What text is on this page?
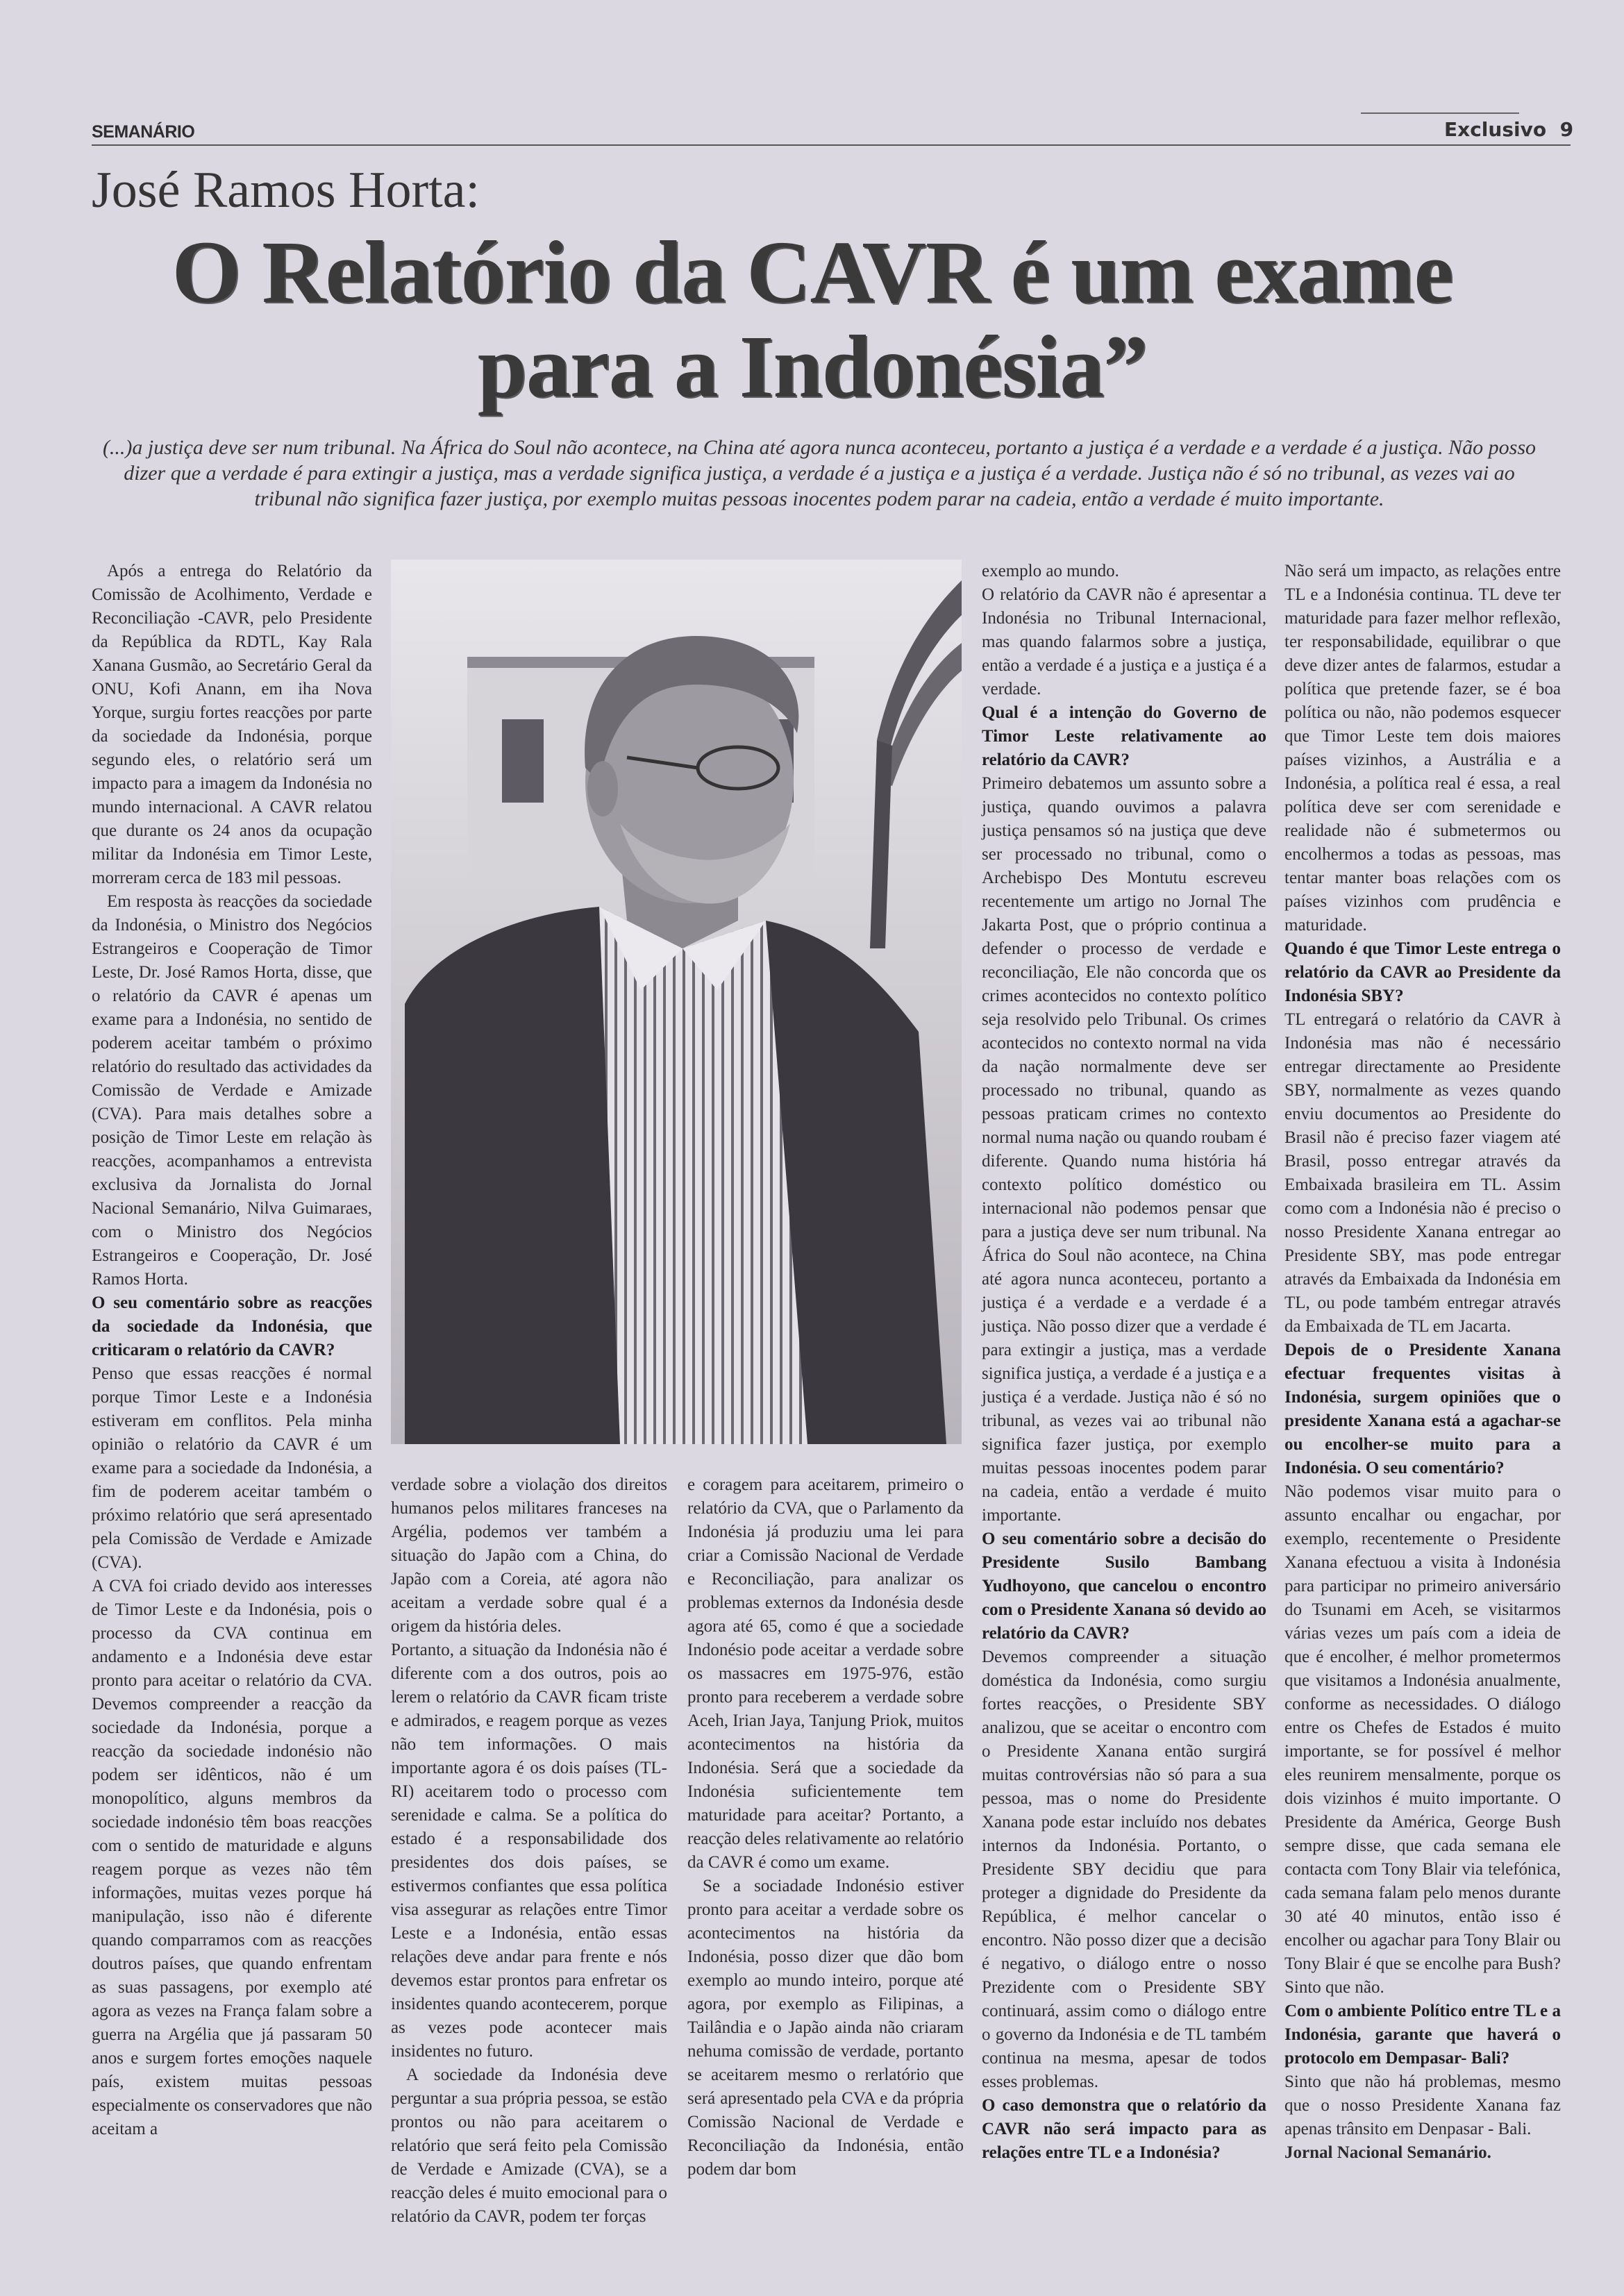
SEMANÁRIO	Exclusivo  9
José Ramos Horta:
O Relatório da CAVR é um exame
para a Indonésia”
(...)a justiça deve ser num tribunal. Na África do Soul não acontece, na China até agora nunca aconteceu, portanto a justiça é a verdade e a verdade é a justiça. Não posso dizer que a verdade é para extingir a justiça, mas a verdade significa justiça, a verdade é a justiça e a justiça é a verdade. Justiça não é só no tribunal, as vezes vai ao tribunal não significa fazer justiça, por exemplo muitas pessoas inocentes podem parar na cadeia, então a verdade é muito importante.

Após a entrega do Relatório da Comissão de Acolhimento, Verdade e Reconciliação -CAVR, pelo Presidente da República da RDTL, Kay Rala Xanana Gusmão, ao Secretário Geral da ONU, Kofi Anann, em iha Nova Yorque, surgiu fortes reacções por parte da sociedade da Indonésia, porque segundo eles, o relatório será um impacto para a imagem da Indonésia no mundo internacional. A CAVR relatou que durante os 24 anos da ocupação militar da Indonésia em Timor Leste, morreram cerca de 183 mil pessoas.

Em resposta às reacções da sociedade da Indonésia, o Ministro dos Negócios Estrangeiros e Cooperação de Timor Leste, Dr. José Ramos Horta, disse, que o relatório da CAVR é apenas um exame para a Indonésia, no sentido de poderem aceitar também o próximo relatório do resultado das actividades da Comissão de Verdade e Amizade (CVA). Para mais detalhes sobre a posição de Timor Leste em relação às reacções, acompanhamos a entrevista exclusiva da Jornalista do Jornal Nacional Semanário, Nilva Guimaraes, com o Ministro dos Negócios Estrangeiros e Cooperação, Dr. José Ramos Horta.

O seu comentário sobre as reacções da sociedade da Indonésia, que criticaram o relatório da CAVR?

Penso que essas reacções é normal porque Timor Leste e a Indonésia estiveram em conflitos. Pela minha opinião o relatório da CAVR é um exame para a sociedade da Indonésia, a fim de poderem aceitar também o próximo relatório que será apresentado pela Comissão de Verdade e Amizade (CVA).

A CVA foi criado devido aos interesses de Timor Leste e da Indonésia, pois o processo da CVA continua em andamento e a Indonésia deve estar pronto para aceitar o relatório da CVA. Devemos compreender a reacção da sociedade da Indonésia, porque a reacção da sociedade indonésio não podem ser idênticos, não é um monopolítico, alguns membros da sociedade indonésio têm boas reacções com o sentido de maturidade e alguns reagem porque as vezes não têm informações, muitas vezes porque há manipulação, isso não é diferente quando comparramos com as reacções doutros países, que quando enfrentam as suas passagens, por exemplo até agora as vezes na França falam sobre a guerra na Argélia que já passaram 50 anos e surgem fortes emoções naquele país, existem muitas pessoas especialmente os conservadores que não aceitam a

verdade sobre a violação dos direitos humanos pelos militares franceses na Argélia, podemos ver também a situação do Japão com a China, do Japão com a Coreia, até agora não aceitam a verdade sobre qual é a origem da história deles.

Portanto, a situação da Indonésia não é diferente com a dos outros, pois ao lerem o relatório da CAVR ficam triste e admirados, e reagem porque as vezes não tem informações. O mais importante agora é os dois países (TL-RI) aceitarem todo o processo com serenidade e calma. Se a política do estado é a responsabilidade dos presidentes dos dois países, se estivermos confiantes que essa política visa assegurar as relações entre Timor Leste e a Indonésia, então essas relações deve andar para frente e nós devemos estar prontos para enfretar os insidentes quando acontecerem, porque as vezes pode acontecer mais insidentes no futuro.

A sociedade da Indonésia deve perguntar a sua própria pessoa, se estão prontos ou não para aceitarem o relatório que será feito pela Comissão de Verdade e Amizade (CVA), se a reacção deles é muito emocional para o relatório da CAVR, podem ter forças

e coragem para aceitarem, primeiro o relatório da CVA, que o Parlamento da Indonésia já produziu uma lei para criar a Comissão Nacional de Verdade e Reconciliação, para analizar os problemas externos da Indonésia desde agora até 65, como é que a sociedade Indonésio pode aceitar a verdade sobre os massacres em 1975-976, estão pronto para receberem a verdade sobre Aceh, Irian Jaya, Tanjung Priok, muitos acontecimentos na história da Indonésia. Será que a sociedade da Indonésia suficientemente tem maturidade para aceitar? Portanto, a reacção deles relativamente ao relatório da CAVR é como um exame.

Se a sociadade Indonésio estiver pronto para aceitar a verdade sobre os acontecimentos na história da Indonésia, posso dizer que dão bom exemplo ao mundo inteiro, porque até agora, por exemplo as Filipinas, a Tailândia e o Japão ainda não criaram nehuma comissão de verdade, portanto se aceitarem mesmo o rerlatório que será apresentado pela CVA e da própria Comissão Nacional de Verdade e Reconciliação da Indonésia, então podem dar bom

exemplo ao mundo.

O relatório da CAVR não é apresentar a Indonésia no Tribunal Internacional, mas quando falarmos sobre a justiça, então a verdade é a justiça e a justiça é a verdade.

Qual é a intenção do Governo de Timor Leste relativamente ao relatório da CAVR?

Primeiro debatemos um assunto sobre a justiça, quando ouvimos a palavra justiça pensamos só na justiça que deve ser processado no tribunal, como o Archebispo Des Montutu escreveu recentemente um artigo no Jornal The Jakarta Post, que o próprio continua a defender o processo de verdade e reconciliação, Ele não concorda que os crimes acontecidos no contexto político seja resolvido pelo Tribunal. Os crimes acontecidos no contexto normal na vida da nação normalmente deve ser processado no tribunal, quando as pessoas praticam crimes no contexto normal numa nação ou quando roubam é diferente. Quando numa história há contexto político doméstico ou internacional não podemos pensar que para a justiça deve ser num tribunal. Na África do Soul não acontece, na China até agora nunca aconteceu, portanto a justiça é a verdade e a verdade é a justiça. Não posso dizer que a verdade é para extingir a justiça, mas a verdade significa justiça, a verdade é a justiça e a justiça é a verdade. Justiça não é só no tribunal, as vezes vai ao tribunal não significa fazer justiça, por exemplo muitas pessoas inocentes podem parar na cadeia, então a verdade é muito importante.

O seu comentário sobre a decisão do Presidente Susilo Bambang Yudhoyono, que cancelou o encontro com o Presidente Xanana só devido ao relatório da CAVR?

Devemos compreender a situação doméstica da Indonésia, como surgiu fortes reacções, o Presidente SBY analizou, que se aceitar o encontro com o Presidente Xanana então surgirá muitas controvérsias não só para a sua pessoa, mas o nome do Presidente Xanana pode estar incluído nos debates internos da Indonésia. Portanto, o Presidente SBY decidiu que para proteger a dignidade do Presidente da República, é melhor cancelar o encontro. Não posso dizer que a decisão é negativo, o diálogo entre o nosso Prezidente com o Presidente SBY continuará, assim como o diálogo entre o governo da Indonésia e de TL também continua na mesma, apesar de todos esses problemas.

O caso demonstra que o relatório da CAVR não será impacto para as relações entre TL e a Indonésia?

Não será um impacto, as relações entre TL e a Indonésia continua. TL deve ter maturidade para fazer melhor reflexão, ter responsabilidade, equilibrar o que deve dizer antes de falarmos, estudar a política que pretende fazer, se é boa política ou não, não podemos esquecer que Timor Leste tem dois maiores países vizinhos, a Austrália e a Indonésia, a política real é essa, a real política deve ser com serenidade e realidade não é submetermos ou encolhermos a todas as pessoas, mas tentar manter boas relações com os países vizinhos com prudência e maturidade.

Quando é que Timor Leste entrega o relatório da CAVR ao Presidente da Indonésia SBY?

TL entregará o relatório da CAVR à Indonésia mas não é necessário entregar directamente ao Presidente SBY, normalmente as vezes quando enviu documentos ao Presidente do Brasil não é preciso fazer viagem até Brasil, posso entregar através da Embaixada brasileira em TL. Assim como com a Indonésia não é preciso o nosso Presidente Xanana entregar ao Presidente SBY, mas pode entregar através da Embaixada da Indonésia em TL, ou pode também entregar através da Embaixada de TL em Jacarta.

Depois de o Presidente Xanana efectuar frequentes visitas à Indonésia, surgem opiniões que o presidente Xanana está a agachar-se ou encolher-se muito para a Indonésia. O seu comentário?

Não podemos visar muito para o assunto encalhar ou engachar, por exemplo, recentemente o Presidente Xanana efectuou a visita à Indonésia para participar no primeiro aniversário do Tsunami em Aceh, se visitarmos várias vezes um país com a ideia de que é encolher, é melhor prometermos que visitamos a Indonésia anualmente, conforme as necessidades. O diálogo entre os Chefes de Estados é muito importante, se for possível é melhor eles reunirem mensalmente, porque os dois vizinhos é muito importante. O Presidente da América, George Bush sempre disse, que cada semana ele contacta com Tony Blair via telefónica, cada semana falam pelo menos durante 30 até 40 minutos, então isso é encolher ou agachar para Tony Blair ou Tony Blair é que se encolhe para Bush? Sinto que não.

Com o ambiente Político entre TL e a Indonésia, garante que haverá o protocolo em Dempasar- Bali?

Sinto que não há problemas, mesmo que o nosso Presidente Xanana faz apenas trânsito em Denpasar - Bali.

Jornal Nacional Semanário.
